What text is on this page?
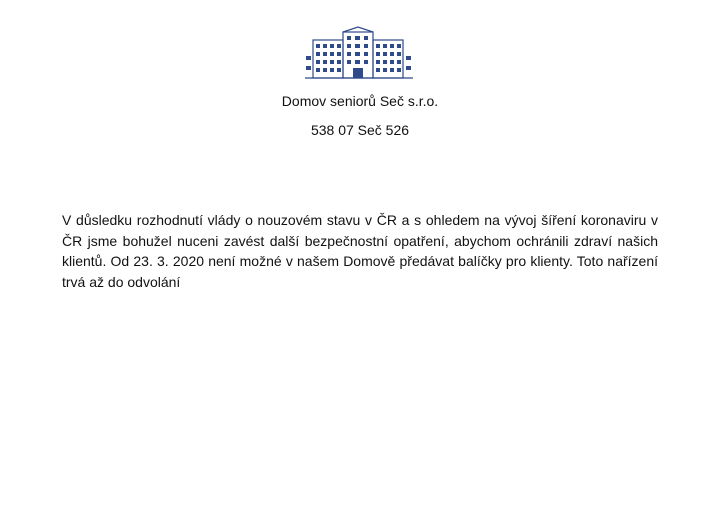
Domov seniorů Seč s.r.o.
538 07 Seč 526

V důsledku rozhodnutí vlády o nouzovém stavu v ČR a s ohledem na vývoj šíření koronaviru v ČR jsme bohužel nuceni zavést další bezpečnostní opatření, abychom ochránili zdraví našich klientů. Od 23. 3. 2020 není možné v našem Domově předávat balíčky pro klienty. Toto nařízení trvá až do odvolání
